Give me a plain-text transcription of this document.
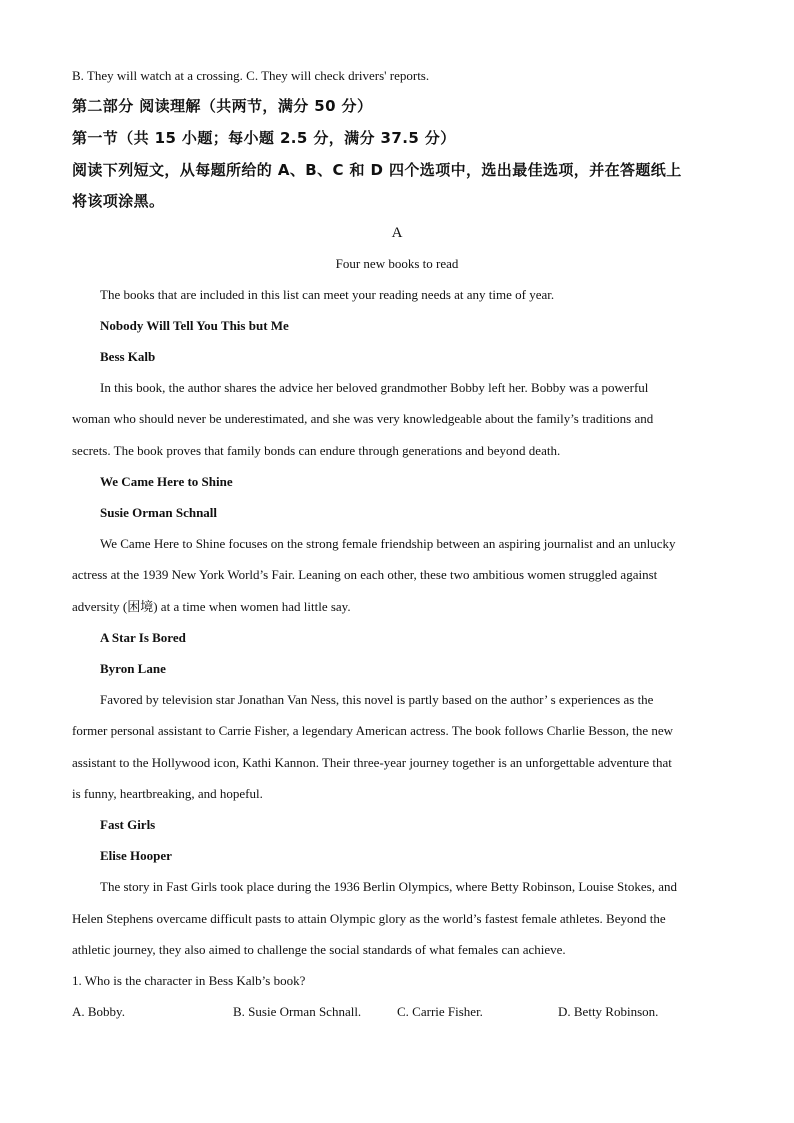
B. They will watch at a crossing. C. They will check drivers' reports.
第二部分 阅读理解（共两节，满分 50 分）
第一节（共 15 小题；每小题 2.5 分，满分 37.5 分）
阅读下列短文，从每题所给的 A、B、C 和 D 四个选项中，选出最佳选项，并在答题纸上
将该项涂黑。
A
Four new books to read
The books that are included in this list can meet your reading needs at any time of year.
Nobody Will Tell You This but Me
Bess Kalb
In this book, the author shares the advice her beloved grandmother Bobby left her. Bobby was a powerful
woman who should never be underestimated, and she was very knowledgeable about the family’s traditions and
secrets. The book proves that family bonds can endure through generations and beyond death.
We Came Here to Shine
Susie Orman Schnall
We Came Here to Shine focuses on the strong female friendship between an aspiring journalist and an unlucky
actress at the 1939 New York World’s Fair. Leaning on each other, these two ambitious women struggled against
adversity (困境) at a time when women had little say.
A Star Is Bored
Byron Lane
Favored by television star Jonathan Van Ness, this novel is partly based on the author’ s experiences as the
former personal assistant to Carrie Fisher, a legendary American actress. The book follows Charlie Besson, the new
assistant to the Hollywood icon, Kathi Kannon. Their three-year journey together is an unforgettable adventure that
is funny, heartbreaking, and hopeful.
Fast Girls
Elise Hooper
The story in Fast Girls took place during the 1936 Berlin Olympics, where Betty Robinson, Louise Stokes, and
Helen Stephens overcame difficult pasts to attain Olympic glory as the world’s fastest female athletes. Beyond the
athletic journey, they also aimed to challenge the social standards of what females can achieve.
1. Who is the character in Bess Kalb’s book?
A. Bobby.	B. Susie Orman Schnall.	C. Carrie Fisher.	D. Betty Robinson.
